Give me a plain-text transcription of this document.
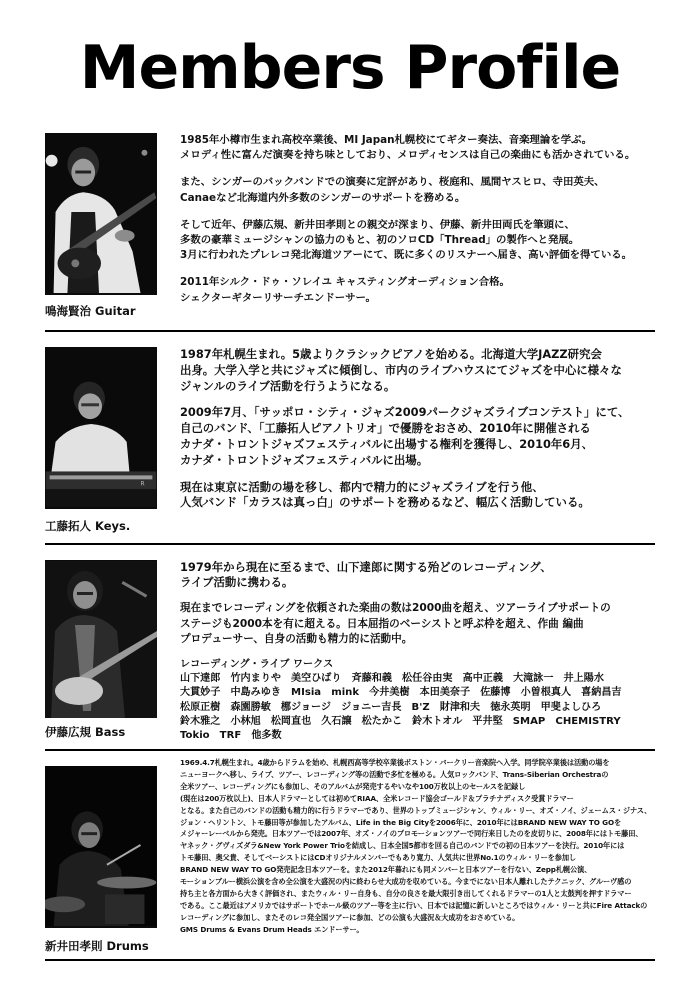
Members Profile
鳴海賢治 Guitar

1985年小樽市生まれ高校卒業後、MI Japan札幌校にてギター奏法、音楽理論を学ぶ。
メロディ性に富んだ演奏を持ち味としており、メロディセンスは自己の楽曲にも活かされている。

また、シンガーのバックバンドでの演奏に定評があり、桜庭和、風間ヤスヒロ、寺田英夫、
Canaeなど北海道内外多数のシンガーのサポートを務める。

そして近年、伊藤広規、新井田孝則との親交が深まり、伊藤、新井田両氏を筆頭に、
多数の豪華ミュージシャンの協力のもと、初のソロCD「Thread」の製作へと発展。
3月に行われたプレレコ発北海道ツアーにて、既に多くのリスナーへ届き、高い評価を得ている。

2011年シルク・ドゥ・ソレイユ キャスティングオーディション合格。
シェクターギターリサーチエンドーサー。

R
工藤拓人 Keys.

1987年札幌生まれ。5歳よりクラシックピアノを始める。北海道大学JAZZ研究会
出身。大学入学と共にジャズに傾倒し、市内のライブハウスにてジャズを中心に様々な
ジャンルのライブ活動を行うようになる。

2009年7月、「サッポロ・シティ・ジャズ2009パークジャズライブコンテスト」にて、
自己のバンド、「工藤拓人ピアノトリオ」で優勝をおさめ、2010年に開催される
カナダ・トロントジャズフェスティバルに出場する権利を獲得し、2010年6月、
カナダ・トロントジャズフェスティバルに出場。

現在は東京に活動の場を移し、都内で精力的にジャズライブを行う他、
人気バンド「カラスは真っ白」のサポートを務めるなど、幅広く活動している。

伊藤広規 Bass

1979年から現在に至るまで、山下達郎に関する殆どのレコーディング、
ライブ活動に携わる。

現在までレコーディングを依頼された楽曲の数は2000曲を超え、ツアーライブサポートの
ステージも2000本を有に超える。日本屈指のベーシストと呼ぶ枠を超え、作曲 編曲
プロデューサー、自身の活動も精力的に活動中。

レコーディング・ライブ ワークス
山下達郎　竹内まりや　美空ひばり　斉藤和義　松任谷由実　高中正義　大滝詠一　井上陽水
大貫妙子　中島みゆき　MIsia　mink　今井美樹　本田美奈子　佐藤博　小曽根真人　喜納昌吉
松原正樹　森園勝敏　梛ジョージ　ジョニー吉長　B'Z　財津和夫　徳永英明　甲斐よしひろ
鈴木雅之　小林旭　松岡直也　久石譲　松たかこ　鈴木トオル　平井堅　SMAP　CHEMISTRY
Tokio　TRF　他多数

新井田孝則 Drums

1969.4.7札幌生まれ。4歳からドラムを始め、札幌西高等学校卒業後ボストン・バークリー音楽院へ入学。同学院卒業後は活動の場を
ニューヨークへ移し、ライブ、ツアー、レコーディング等の活動で多忙を極める。人気ロックバンド、Trans-Siberian Orchestraの
全米ツアー、レコーディングにも参加し、そのアルバムが発売するやいなや100万枚以上のセールスを記録し
(現在は200万枚以上)、日本人ドラマーとしては初めてRIAA、全米レコード協会ゴールド＆プラチナディスク受賞ドラマー
となる。また自己のバンドの活動も精力的に行うドラマーであり、世界のトップミュージシャン、ウィル・リー、オズ・ノイ、ジェームス・ジナス、
ジョン・ヘリントン、トモ藤田等が参加したアルバム、Life in the Big Cityを2006年に、2010年にはBRAND NEW WAY TO GOを
メジャーレーベルから発売。日本ツアーでは2007年、オズ・ノイのプロモーションツアーで同行来日したのを皮切りに、2008年にはトモ藤田、
ヤネック・グヴィズダラ&New York Power Trioを結成し、日本全国5都市を回る自己のバンドでの初の日本ツアーを決行。2010年には
トモ藤田、奥父貴、そしてベーシストにはCDオリジナルメンバーでもあり寛力、人気共に世界No.1のウィル・リーを参加し
BRAND NEW WAY TO GO発売記念日本ツアーを。また2012年暮れにも同メンバーと日本ツアーを行ない、Zepp札幌公演、
モーションブルー横浜公演を含め全公演を大盛況の内に終わらせ大成功を収めている。今までにない日本人離れしたテクニック、グルーヴ感の
持ち主と各方面から大きく評価され、またウィル・リー自身も、自分の良さを最大限引き出してくれるドラマーの1人と太鼓判を押すドラマー
である。ここ最近はアメリカではサポートでホール級のツアー等を主に行い、日本では記憶に新しいところではウィル・リーと共にFire Attackの
レコーディングに参加し、またそのレコ発全国ツアーに参加、どの公演も大盛況＆大成功をおさめている。
GMS Drums & Evans Drum Heads エンドーサー。
